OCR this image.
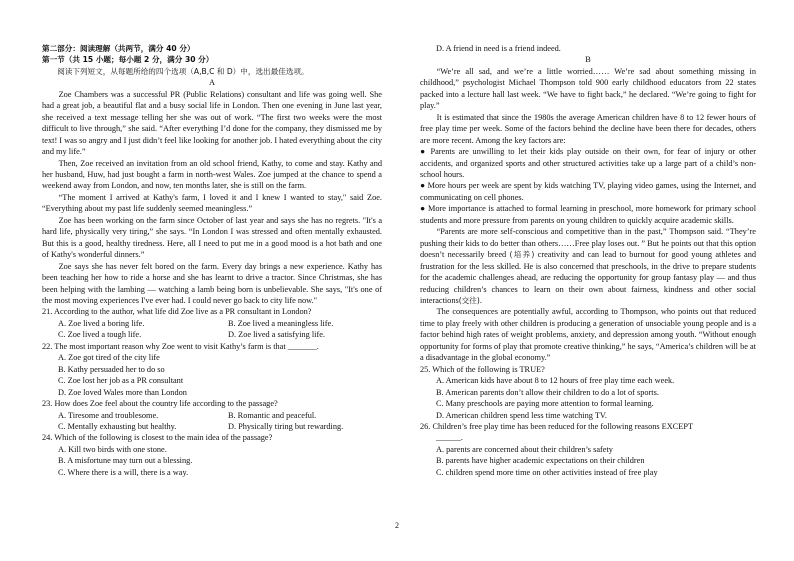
第二部分：阅读理解（共两节，满分 40 分）

第一节（共 15 小题；每小题 2 分，满分 30 分）

阅读下列短文，从每题所给的四个选项（A,B,C 和 D）中，选出最佳选项。

A

Zoe Chambers was a successful PR (Public Relations) consultant and life was going well. She had a great job, a beautiful flat and a busy social life in London. Then one evening in June last year, she received a text message telling her she was out of work. “The first two weeks were the most difficult to live through,” she said. “After everything I’d done for the company, they dismissed me by text! I was so angry and I just didn’t feel like looking for another job. I hated everything about the city and my life.”

Then, Zoe received an invitation from an old school friend, Kathy, to come and stay. Kathy and her husband, Huw, had just bought a farm in north-west Wales. Zoe jumped at the chance to spend a weekend away from London, and now, ten months later, she is still on the farm.

“The moment I arrived at Kathy's farm, I loved it and I knew I wanted to stay," said Zoe. “Everything about my past life suddenly seemed meaningless.”

Zoe has been working on the farm since October of last year and says she has no regrets. "It's a hard life, physically very tiring,” she says. “In London I was stressed and often mentally exhausted. But this is a good, healthy tiredness. Here, all I need to put me in a good mood is a hot bath and one of Kathy's wonderful dinners.”

Zoe says she has never felt bored on the farm. Every day brings a new experience. Kathy has been teaching her how to ride a horse and she has learnt to drive a tractor. Since Christmas, she has been helping with the lambing — watching a lamb being born is unbelievable. She says, "It's one of the most moving experiences I've ever had. I could never go back to city life now."

21. According to the author, what life did Zoe live as a PR consultant in London?

A. Zoe lived a boring life.	B. Zoe lived a meaningless life.
C. Zoe lived a tough life.	D. Zoe lived a satisfying life.

22. The most important reason why Zoe went to visit Kathy’s farm is that _______.

A. Zoe got tired of the city life

B. Kathy persuaded her to do so

C. Zoe lost her job as a PR consultant

D. Zoe loved Wales more than London

23. How does Zoe feel about the country life according to the passage?

A. Tiresome and troublesome.	B. Romantic and peaceful.
C. Mentally exhausting but healthy.	D. Physically tiring but rewarding.

24. Which of the following is closest to the main idea of the passage?

A. Kill two birds with one stone.

B. A misfortune may turn out a blessing.

C. Where there is a will, there is a way.

D. A friend in need is a friend indeed.

B

“We’re all sad, and we’re a little worried…… We’re sad about something missing in childhood,” psychologist Michael Thompson told 900 early childhood educators from 22 states packed into a lecture hall last week. “We have to fight back,” he declared. “We’re going to fight for play.”

It is estimated that since the 1980s the average American children have 8 to 12 fewer hours of free play time per week. Some of the factors behind the decline have been there for decades, others are more recent. Among the key factors are:

● Parents are unwilling to let their kids play outside on their own, for fear of injury or other accidents, and organized sports and other structured activities take up a large part of a child’s non-school hours.

● More hours per week are spent by kids watching TV, playing video games, using the Internet, and communicating on cell phones.

● More importance is attached to formal learning in preschool, more homework for primary school students and more pressure from parents on young children to quickly acquire academic skills.

“Parents are more self-conscious and competitive than in the past,” Thompson said. “They’re pushing their kids to do better than others……Free play loses out. ” But he points out that this option doesn’t necessarily breed (培养) creativity and can lead to burnout for good young athletes and frustration for the less skilled. He is also concerned that preschools, in the drive to prepare students for the academic challenges ahead, are reducing the opportunity for group fantasy play — and thus reducing children’s chances to learn on their own about fairness, kindness and other social interactions(交往).

The consequences are potentially awful, according to Thompson, who points out that reduced time to play freely with other children is producing a generation of unsociable young people and is a factor behind high rates of weight problems, anxiety, and depression among youth. “Without enough opportunity for forms of play that promote creative thinking,” he says, “America’s children will be at a disadvantage in the global economy.”

25. Which of the following is TRUE?

A. American kids have about 8 to 12 hours of free play time each week.

B. American parents don’t allow their children to do a lot of sports.

C. Many preschools are paying more attention to formal learning.

D. American children spend less time watching TV.

26. Children’s free play time has been reduced for the following reasons EXCEPT

______.

A. parents are concerned about their children’s safety

B. parents have higher academic expectations on their children

C. children spend more time on other activities instead of free play

2
